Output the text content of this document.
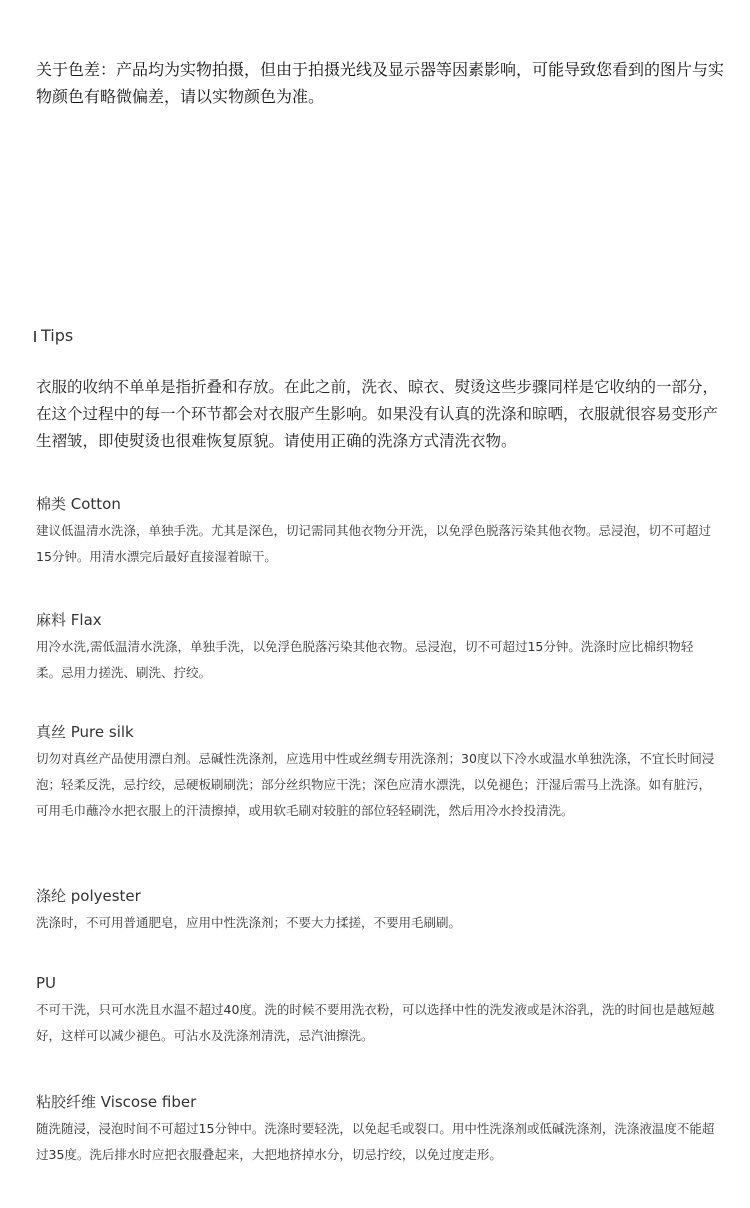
关于色差：产品均为实物拍摄，但由于拍摄光线及显示器等因素影响，可能导致您看到的图片与实物颜色有略微偏差，请以实物颜色为准。

Tips

衣服的收纳不单单是指折叠和存放。在此之前，洗衣、晾衣、熨烫这些步骤同样是它收纳的一部分，在这个过程中的每一个环节都会对衣服产生影响。如果没有认真的洗涤和晾晒，衣服就很容易变形产生褶皱，即使熨烫也很难恢复原貌。请使用正确的洗涤方式清洗衣物。

棉类 Cotton

建议低温清水洗涤，单独手洗。尤其是深色，切记需同其他衣物分开洗，以免浮色脱落污染其他衣物。忌浸泡，切不可超过15分钟。用清水漂完后最好直接湿着晾干。

麻料 Flax

用冷水洗,需低温清水洗涤，单独手洗，以免浮色脱落污染其他衣物。忌浸泡，切不可超过15分钟。洗涤时应比棉织物轻柔。忌用力搓洗、刷洗、拧绞。

真丝 Pure silk

切勿对真丝产品使用漂白剂。忌碱性洗涤剂，应选用中性或丝绸专用洗涤剂；30度以下冷水或温水单独洗涤，不宜长时间浸泡；轻柔反洗，忌拧绞，忌硬板刷刷洗；部分丝织物应干洗；深色应清水漂洗，以免褪色；汗湿后需马上洗涤。如有脏污，可用毛巾蘸冷水把衣服上的汗渍擦掉，或用软毛刷对较脏的部位轻轻刷洗，然后用冷水拎投清洗。

涤纶 polyester

洗涤时，不可用普通肥皂，应用中性洗涤剂；不要大力揉搓，不要用毛刷刷。

PU

不可干洗，只可水洗且水温不超过40度。洗的时候不要用洗衣粉，可以选择中性的洗发液或是沐浴乳，洗的时间也是越短越好，这样可以减少褪色。可沾水及洗涤剂清洗，忌汽油擦洗。

粘胶纤维 Viscose fiber

随洗随浸，浸泡时间不可超过15分钟中。洗涤时要轻洗，以免起毛或裂口。用中性洗涤剂或低碱洗涤剂，洗涤液温度不能超过35度。洗后排水时应把衣服叠起来，大把地挤掉水分，切忌拧绞，以免过度走形。
